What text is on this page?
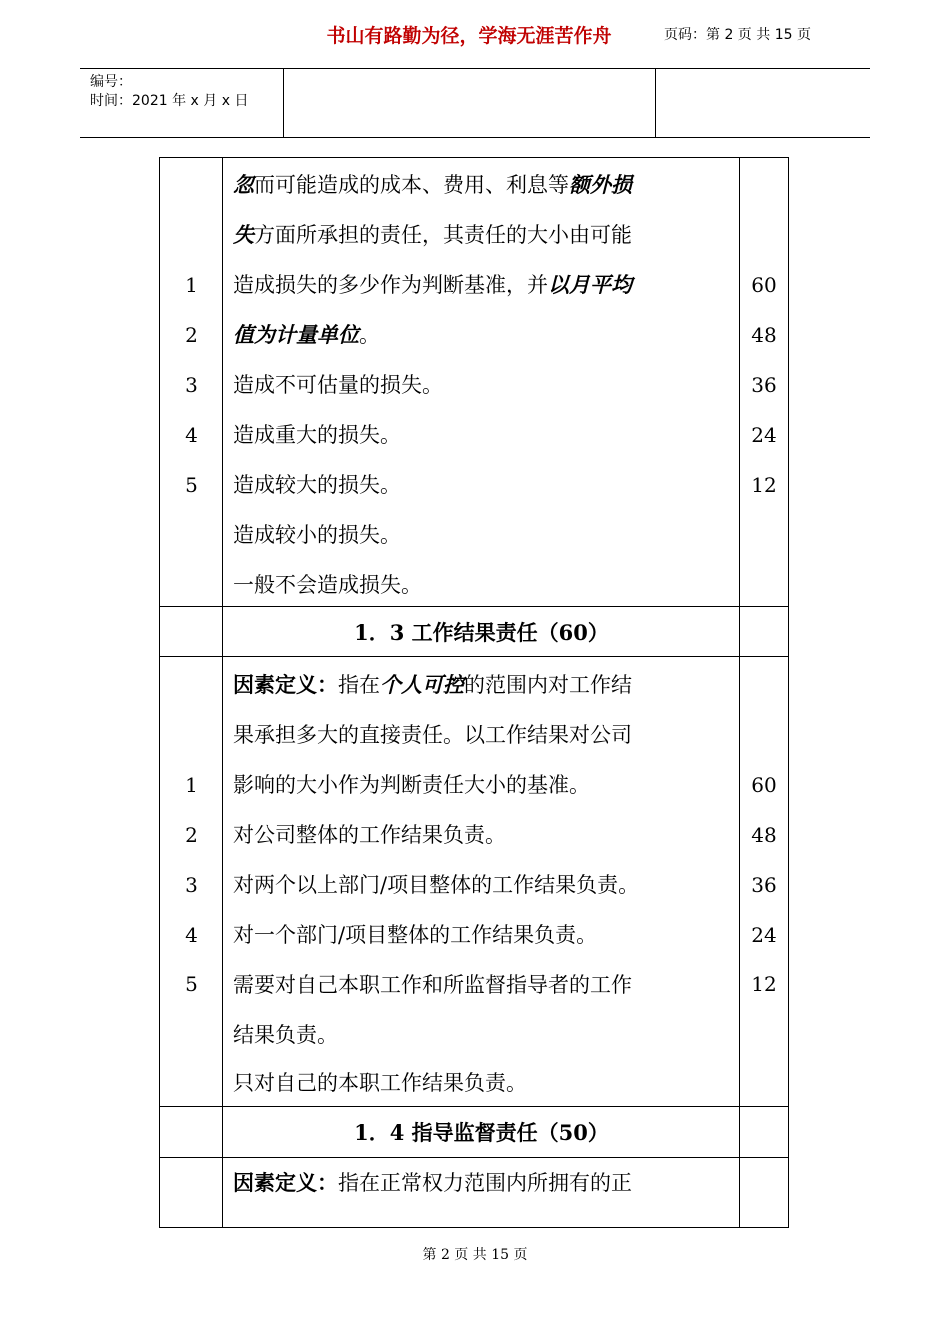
编号：
时间：2021 年 x 月 x 日
书山有路勤为径，学海无涯苦作舟	页码：第 2 页 共 15 页
忽而可能造成的成本、费用、利息等额外损
失方面所承担的责任，其责任的大小由可能
造成损失的多少作为判断基准，并以月平均
值为计量单位。
造成不可估量的损失。
造成重大的损失。
造成较大的损失。
造成较小的损失。
一般不会造成损失。
1
2
3
4
5
60
48
36
24
12
1．3 工作结果责任（60）
因素定义：指在个人可控的范围内对工作结
果承担多大的直接责任。以工作结果对公司
影响的大小作为判断责任大小的基准。
对公司整体的工作结果负责。
对两个以上部门/项目整体的工作结果负责。
对一个部门/项目整体的工作结果负责。
需要对自己本职工作和所监督指导者的工作
结果负责。
只对自己的本职工作结果负责。
1
2
3
4
5
60
48
36
24
12
1．4 指导监督责任（50）
因素定义：指在正常权力范围内所拥有的正
第 2 页 共 15 页
